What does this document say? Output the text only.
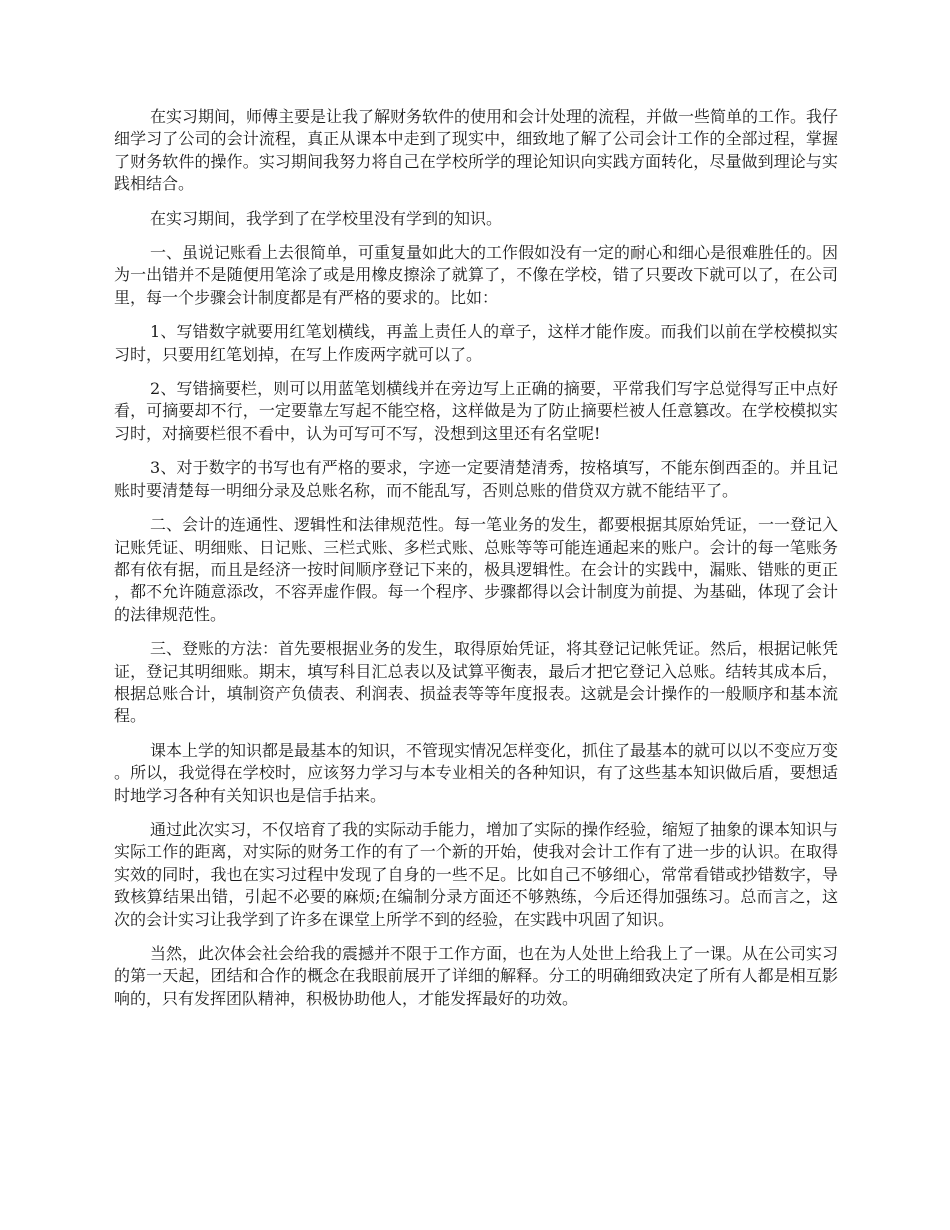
在实习期间，师傅主要是让我了解财务软件的使用和会计处理的流程，并做一些简单的工作。我仔细学习了公司的会计流程，真正从课本中走到了现实中，细致地了解了公司会计工作的全部过程，掌握了财务软件的操作。实习期间我努力将自己在学校所学的理论知识向实践方面转化，尽量做到理论与实践相结合。

在实习期间，我学到了在学校里没有学到的知识。

一、虽说记账看上去很简单，可重复量如此大的工作假如没有一定的耐心和细心是很难胜任的。因为一出错并不是随便用笔涂了或是用橡皮擦涂了就算了，不像在学校，错了只要改下就可以了，在公司里，每一个步骤会计制度都是有严格的要求的。比如：

1、写错数字就要用红笔划横线，再盖上责任人的章子，这样才能作废。而我们以前在学校模拟实习时，只要用红笔划掉，在写上作废两字就可以了。

2、写错摘要栏，则可以用蓝笔划横线并在旁边写上正确的摘要，平常我们写字总觉得写正中点好看，可摘要却不行，一定要靠左写起不能空格，这样做是为了防止摘要栏被人任意篡改。在学校模拟实习时，对摘要栏很不看中，认为可写可不写，没想到这里还有名堂呢!

3、对于数字的书写也有严格的要求，字迹一定要清楚清秀，按格填写，不能东倒西歪的。并且记账时要清楚每一明细分录及总账名称，而不能乱写，否则总账的借贷双方就不能结平了。

二、会计的连通性、逻辑性和法律规范性。每一笔业务的发生，都要根据其原始凭证，一一登记入记账凭证、明细账、日记账、三栏式账、多栏式账、总账等等可能连通起来的账户。会计的每一笔账务都有依有据，而且是经济一按时间顺序登记下来的，极具逻辑性。在会计的实践中，漏账、错账的更正，都不允许随意添改，不容弄虚作假。每一个程序、步骤都得以会计制度为前提、为基础，体现了会计的法律规范性。

三、登账的方法：首先要根据业务的发生，取得原始凭证，将其登记记帐凭证。然后，根据记帐凭证，登记其明细账。期末，填写科目汇总表以及试算平衡表，最后才把它登记入总账。结转其成本后，根据总账合计，填制资产负债表、利润表、损益表等等年度报表。这就是会计操作的一般顺序和基本流程。

课本上学的知识都是最基本的知识，不管现实情况怎样变化，抓住了最基本的就可以以不变应万变。所以，我觉得在学校时，应该努力学习与本专业相关的各种知识，有了这些基本知识做后盾，要想适时地学习各种有关知识也是信手拈来。

通过此次实习，不仅培育了我的实际动手能力，增加了实际的操作经验，缩短了抽象的课本知识与实际工作的距离，对实际的财务工作的有了一个新的开始，使我对会计工作有了进一步的认识。在取得实效的同时，我也在实习过程中发现了自身的一些不足。比如自己不够细心，常常看错或抄错数字，导致核算结果出错，引起不必要的麻烦;在编制分录方面还不够熟练，今后还得加强练习。总而言之，这次的会计实习让我学到了许多在课堂上所学不到的经验，在实践中巩固了知识。

当然，此次体会社会给我的震撼并不限于工作方面，也在为人处世上给我上了一课。从在公司实习的第一天起，团结和合作的概念在我眼前展开了详细的解释。分工的明确细致决定了所有人都是相互影响的，只有发挥团队精神，积极协助他人，才能发挥最好的功效。
